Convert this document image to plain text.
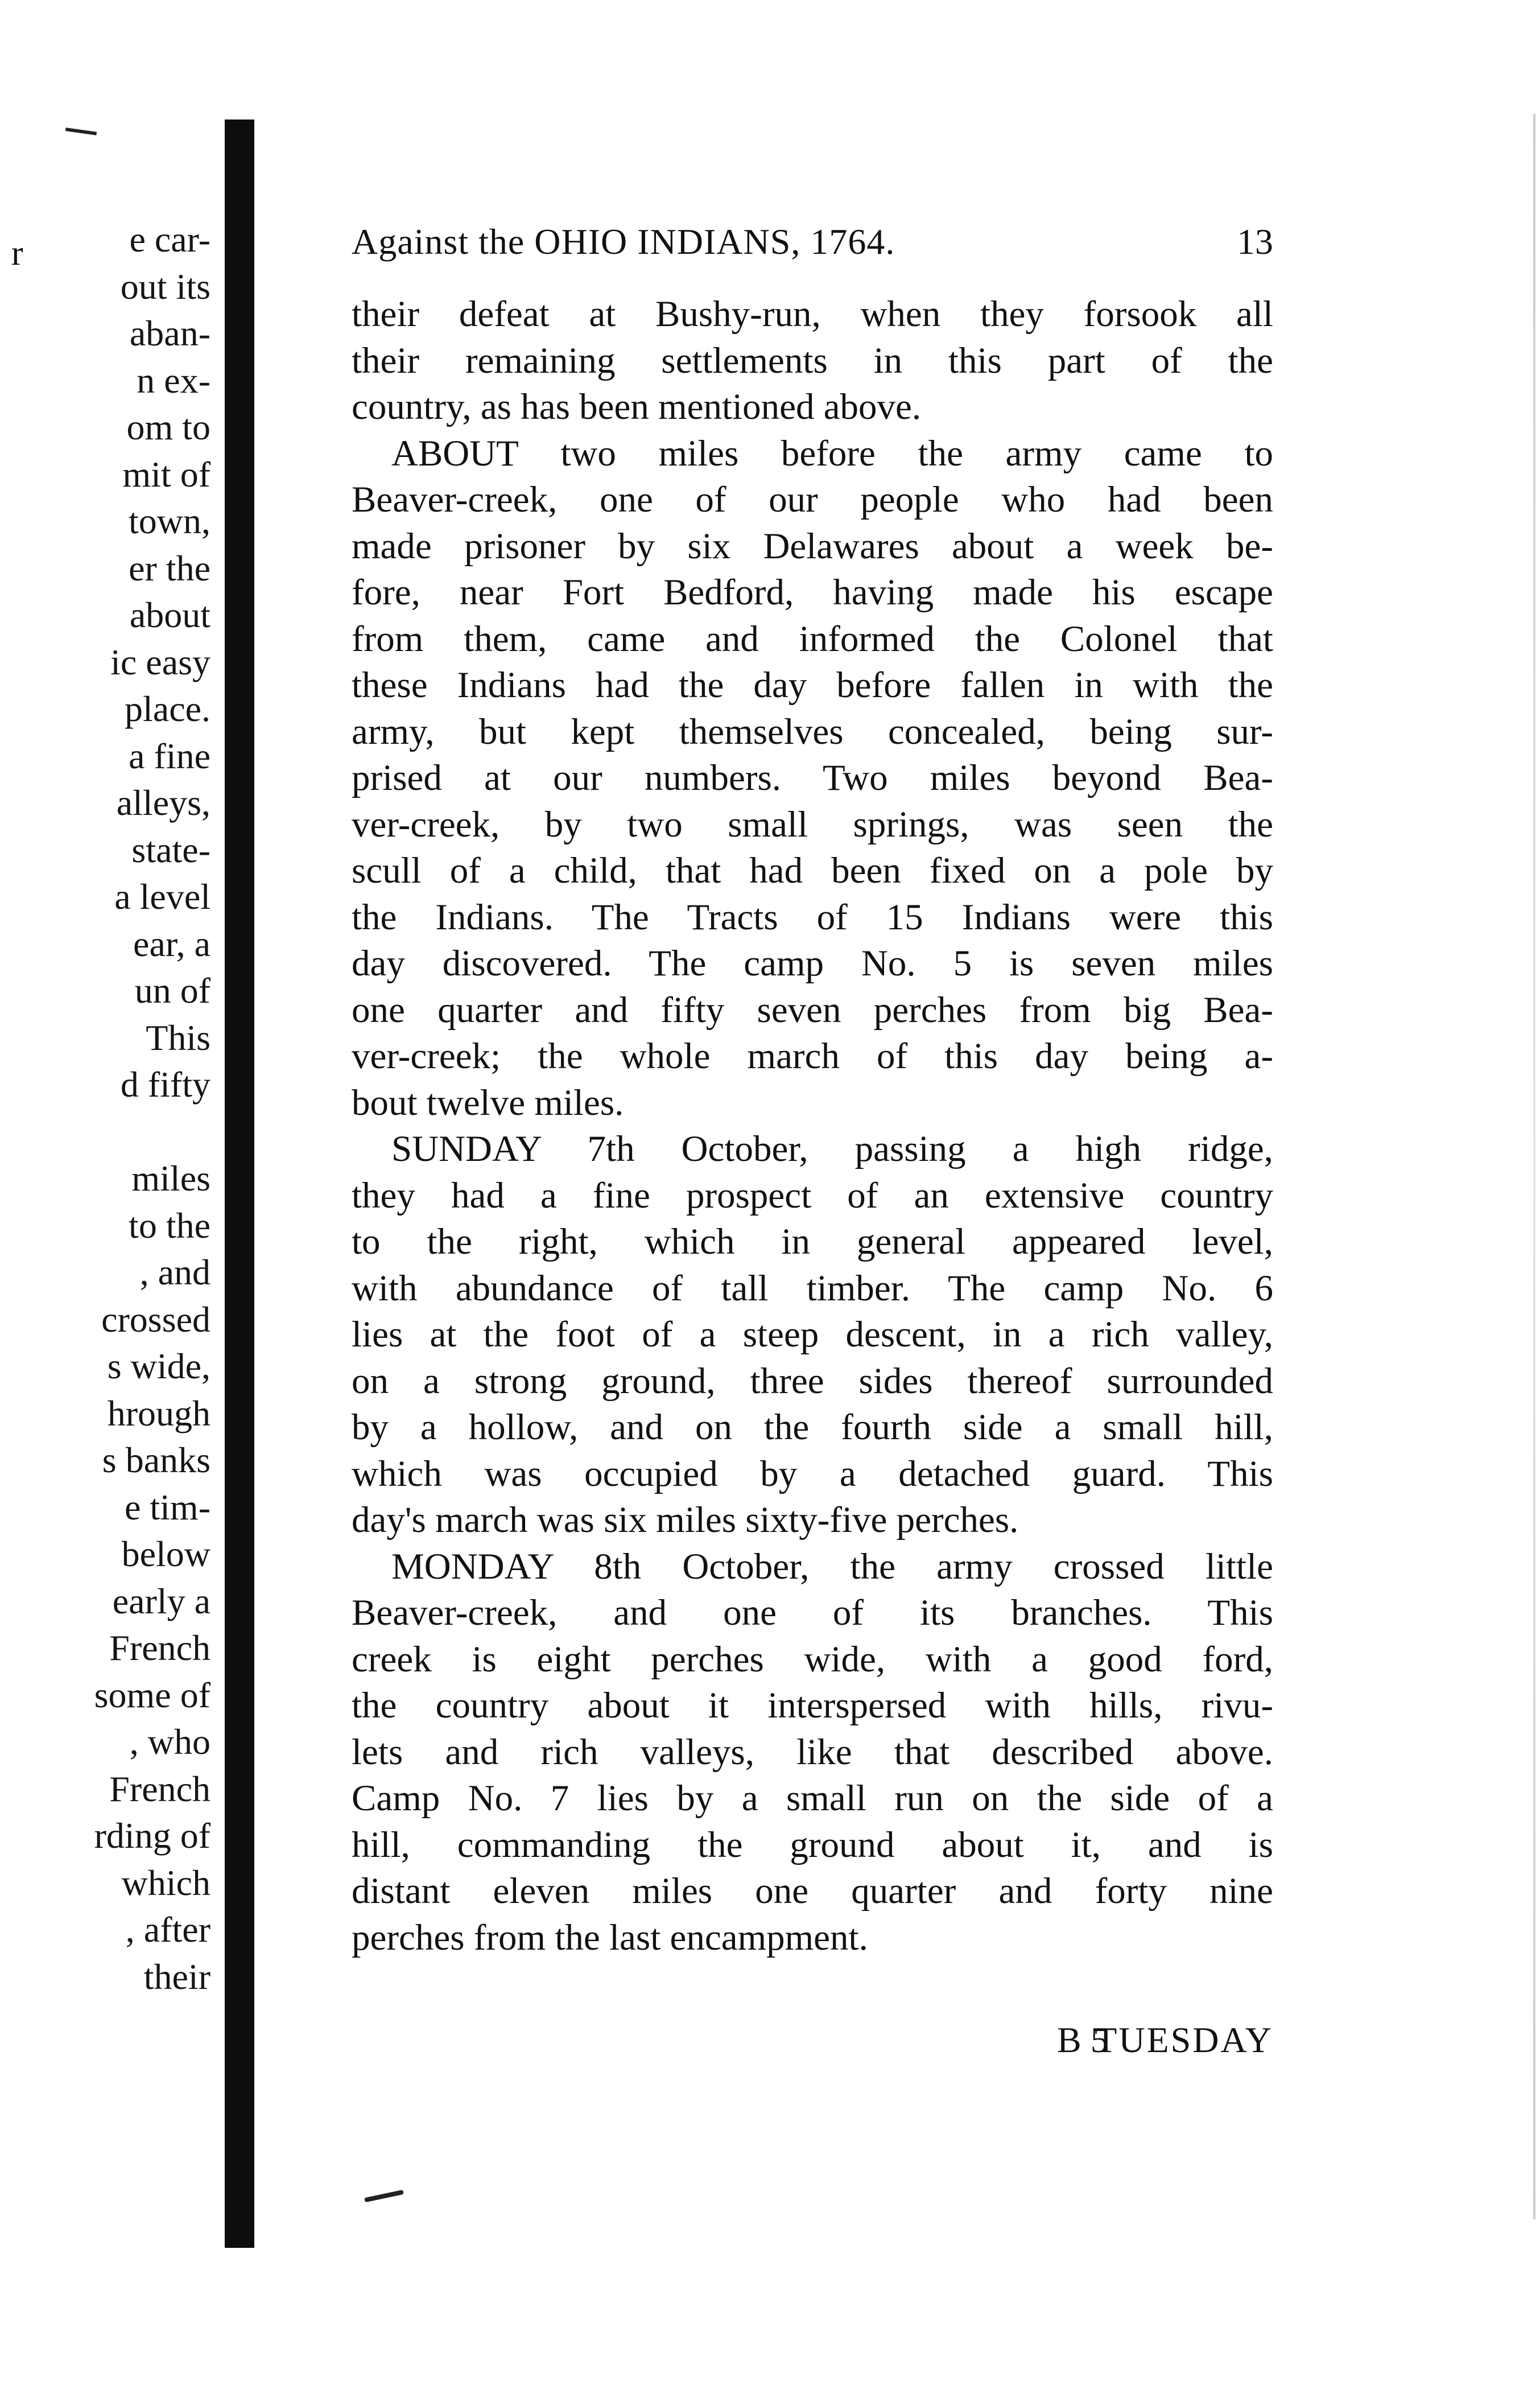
r	e car-
out its
aban-
n ex-
om to
mit of
town,
er the
about
ic easy
place.
a fine
alleys,
state-
a level
ear, a
un of
This
d fifty

miles
to the
, and
crossed
s wide,
hrough
s banks
e tim-
below
early a
French
some of
, who
French
rding of
which
, after
their
Against the OHIO INDIANS, 1764.	13
their defeat at Bushy-run, when they forsook all
their remaining settlements in this part of the
country, as has been mentioned above.
ABOUT two miles before the army came to
Beaver-creek, one of our people who had been
made prisoner by six Delawares about a week be-
fore, near Fort Bedford, having made his escape
from them, came and informed the Colonel that
these Indians had the day before fallen in with the
army, but kept themselves concealed, being sur-
prised at our numbers. Two miles beyond Bea-
ver-creek, by two small springs, was seen the
scull of a child, that had been fixed on a pole by
the Indians. The Tracts of 15 Indians were this
day discovered. The camp No. 5 is seven miles
one quarter and fifty seven perches from big Bea-
ver-creek; the whole march of this day being a-
bout twelve miles.
SUNDAY 7th October, passing a high ridge,
they had a fine prospect of an extensive country
to the right, which in general appeared level,
with abundance of tall timber. The camp No. 6
lies at the foot of a steep descent, in a rich valley,
on a strong ground, three sides thereof surrounded
by a hollow, and on the fourth side a small hill,
which was occupied by a detached guard. This
day's march was six miles sixty-five perches.
MONDAY 8th October, the army crossed little
Beaver-creek, and one of its branches. This
creek is eight perches wide, with a good ford,
the country about it interspersed with hills, rivu-
lets and rich valleys, like that described above.
Camp No. 7 lies by a small run on the side of a
hill, commanding the ground about it, and is
distant eleven miles one quarter and forty nine
perches from the last encampment.
B 5
TUESDAY
